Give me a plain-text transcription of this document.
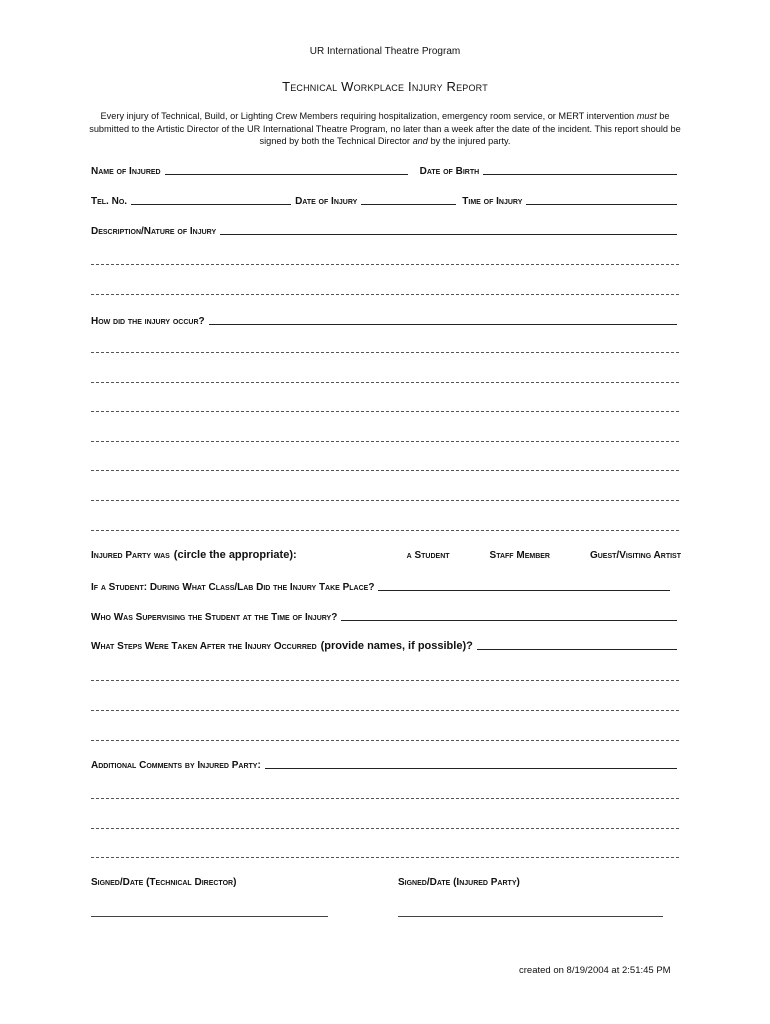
UR International Theatre Program
Technical Workplace Injury Report
Every injury of Technical, Build, or Lighting Crew Members requiring hospitalization, emergency room service, or MERT intervention must be submitted to the Artistic Director of the UR International Theatre Program, no later than a week after the date of the incident. This report should be signed by both the Technical Director and by the injured party.
Name of Injured	Date of Birth
Tel. No.	Date of Injury	Time of Injury
Description/Nature of Injury
How did the injury occur?
Injured Party was (circle the appropriate):	a Student	Staff Member	Guest/Visiting Artist
If a Student: During What Class/Lab Did the Injury Take Place?
Who Was Supervising the Student at the Time of Injury?
What Steps Were Taken After the Injury Occurred (provide names, if possible)?
Additional Comments by Injured Party:
Signed/Date (Technical Director)	Signed/Date (Injured Party)
created on 8/19/2004 at 2:51:45 PM
